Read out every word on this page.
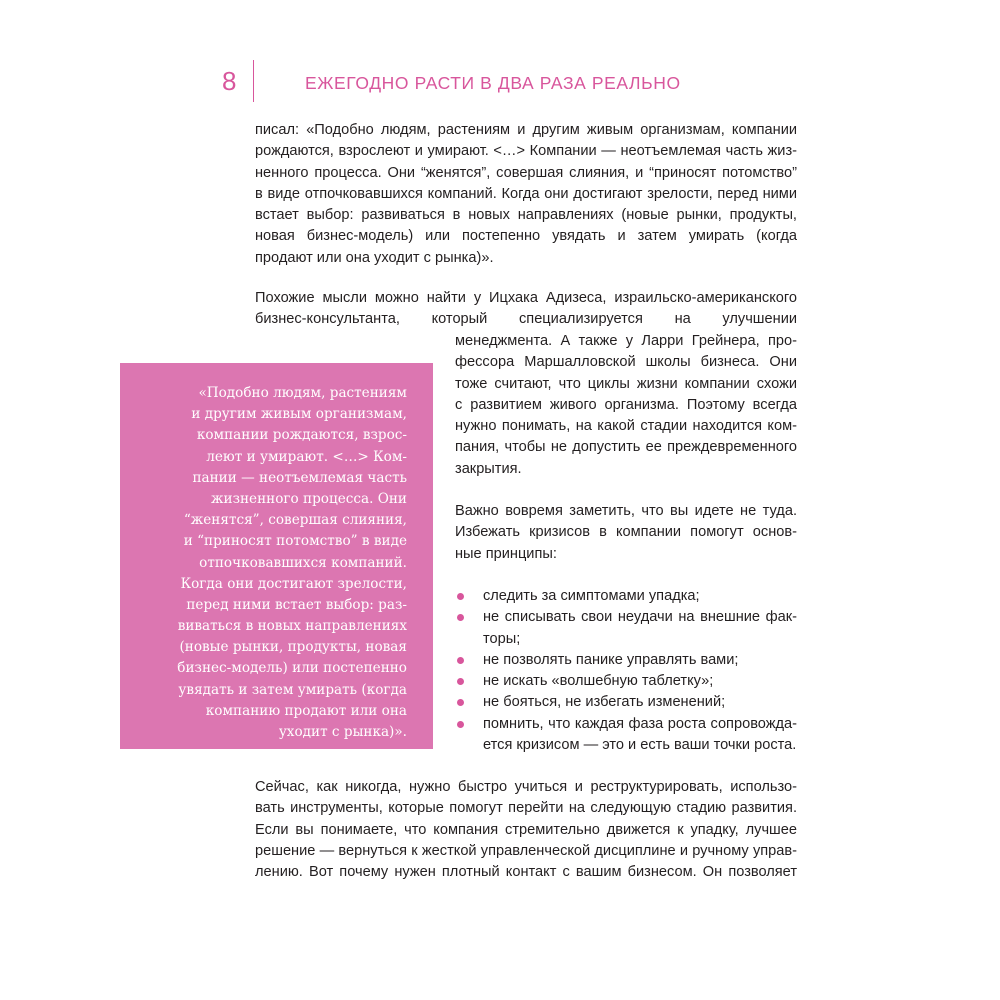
8	ЕЖЕГОДНО РАСТИ В ДВА РАЗА РЕАЛЬНО
писал: «Подобно людям, растениям и другим живым организмам, компании
рождаются, взрослеют и умирают. <…> Компании — неотъемлемая часть жиз-
ненного процесса. Они “женятся”, совершая слияния, и “приносят потомство”
в виде отпочковавшихся компаний. Когда они достигают зрелости, перед ними
встает выбор: развиваться в новых направлениях (новые рынки, продукты,
новая бизнес-модель) или постепенно увядать и затем умирать (когда
продают или она уходит с рынка)».
Похожие мысли можно найти у Ицхака Адизеса, израильско-американского
бизнес-консультанта, который специализируется на улучшении
менеджмента. А также у Ларри Грейнера, про-
фессора Маршалловской школы бизнеса. Они
тоже считают, что циклы жизни компании схожи
с развитием живого организма. Поэтому всегда
нужно понимать, на какой стадии находится ком-
пания, чтобы не допустить ее преждевременного
закрытия.
«Подобно людям, растениям
и другим живым организмам,
компании рождаются, взрос-
леют и умирают. <…> Ком-
пании — неотъемлемая часть
жизненного процесса. Они
“женятся”, совершая слияния,
и “приносят потомство” в виде
отпочковавшихся компаний.
Когда они достигают зрелости,
перед ними встает выбор: раз-
виваться в новых направлениях
(новые рынки, продукты, новая
бизнес-модель) или постепенно
увядать и затем умирать (когда
компанию продают или она
уходит с рынка)».
Важно вовремя заметить, что вы идете не туда.
Избежать кризисов в компании помогут основ-
ные принципы:
следить за симптомами упадка;
не списывать свои неудачи на внешние фак-
торы;
не позволять панике управлять вами;
не искать «волшебную таблетку»;
не бояться, не избегать изменений;
помнить, что каждая фаза роста сопровожда-
ется кризисом — это и есть ваши точки роста.
Сейчас, как никогда, нужно быстро учиться и реструктурировать, использо-
вать инструменты, которые помогут перейти на следующую стадию развития.
Если вы понимаете, что компания стремительно движется к упадку, лучшее
решение — вернуться к жесткой управленческой дисциплине и ручному управ-
лению. Вот почему нужен плотный контакт с вашим бизнесом. Он позволяет
